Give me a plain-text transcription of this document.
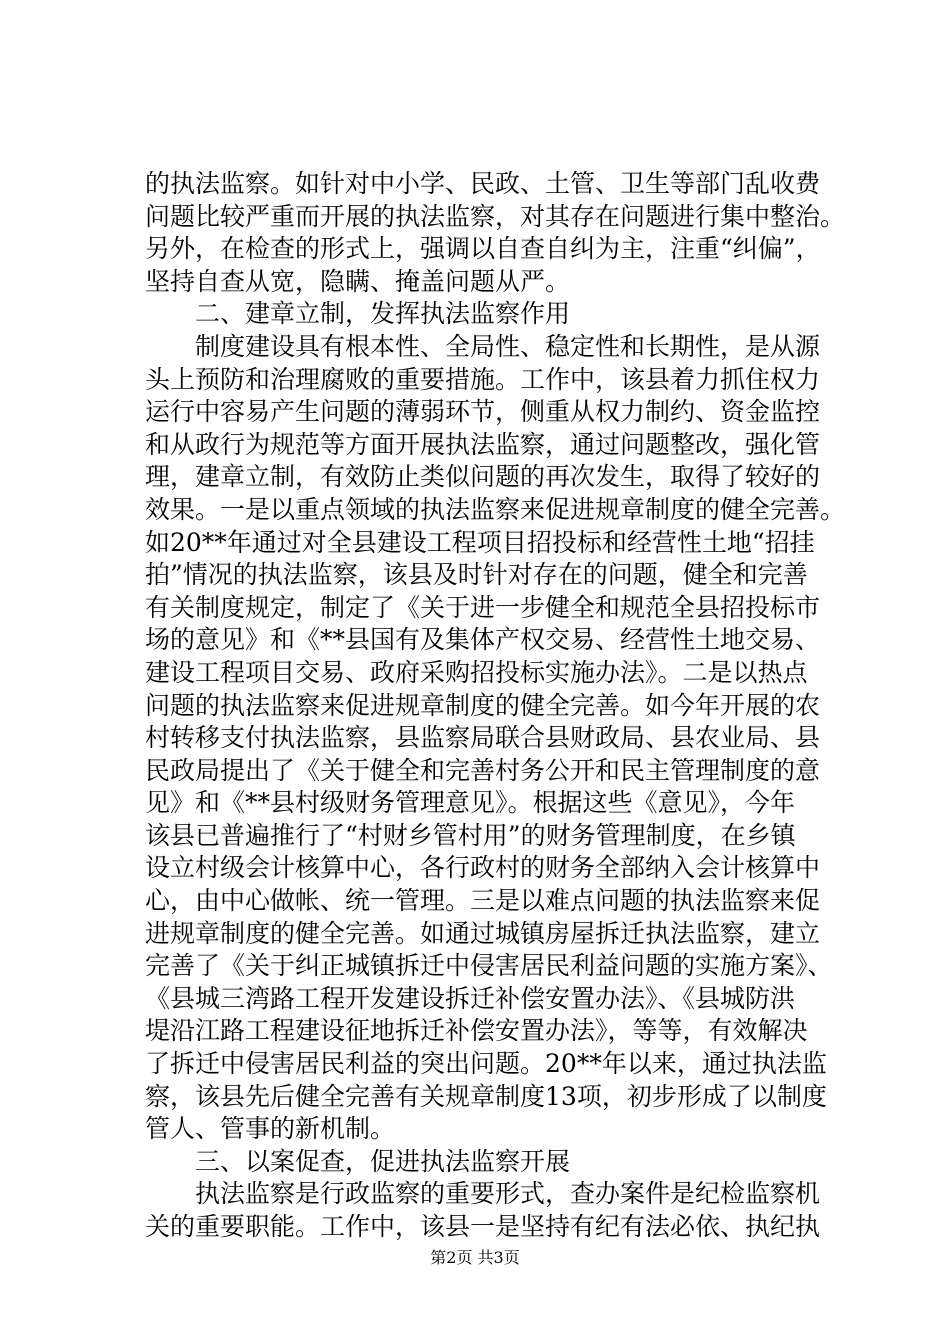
的执法监察。如针对中小学、民政、土管、卫生等部门乱收费
问题比较严重而开展的执法监察，对其存在问题进行集中整治。
另外，在检查的形式上，强调以自查自纠为主，注重“纠偏”，
坚持自查从宽，隐瞒、掩盖问题从严。
　　二、建章立制，发挥执法监察作用
　　制度建设具有根本性、全局性、稳定性和长期性，是从源
头上预防和治理腐败的重要措施。工作中，该县着力抓住权力
运行中容易产生问题的薄弱环节，侧重从权力制约、资金监控
和从政行为规范等方面开展执法监察，通过问题整改，强化管
理，建章立制，有效防止类似问题的再次发生，取得了较好的
效果。一是以重点领域的执法监察来促进规章制度的健全完善。
如20**年通过对全县建设工程项目招投标和经营性土地“招挂
拍”情况的执法监察，该县及时针对存在的问题，健全和完善
有关制度规定，制定了《关于进一步健全和规范全县招投标市
场的意见》和《**县国有及集体产权交易、经营性土地交易、
建设工程项目交易、政府采购招投标实施办法》。二是以热点
问题的执法监察来促进规章制度的健全完善。如今年开展的农
村转移支付执法监察，县监察局联合县财政局、县农业局、县
民政局提出了《关于健全和完善村务公开和民主管理制度的意
见》和《**县村级财务管理意见》。根据这些《意见》，今年
该县已普遍推行了“村财乡管村用”的财务管理制度，在乡镇
设立村级会计核算中心，各行政村的财务全部纳入会计核算中
心，由中心做帐、统一管理。三是以难点问题的执法监察来促
进规章制度的健全完善。如通过城镇房屋拆迁执法监察，建立
完善了《关于纠正城镇拆迁中侵害居民利益问题的实施方案》、
《县城三湾路工程开发建设拆迁补偿安置办法》、《县城防洪
堤沿江路工程建设征地拆迁补偿安置办法》，等等，有效解决
了拆迁中侵害居民利益的突出问题。20**年以来，通过执法监
察，该县先后健全完善有关规章制度13项，初步形成了以制度
管人、管事的新机制。
　　三、以案促查，促进执法监察开展
　　执法监察是行政监察的重要形式，查办案件是纪检监察机
关的重要职能。工作中，该县一是坚持有纪有法必依、执纪执
第2页 共3页
